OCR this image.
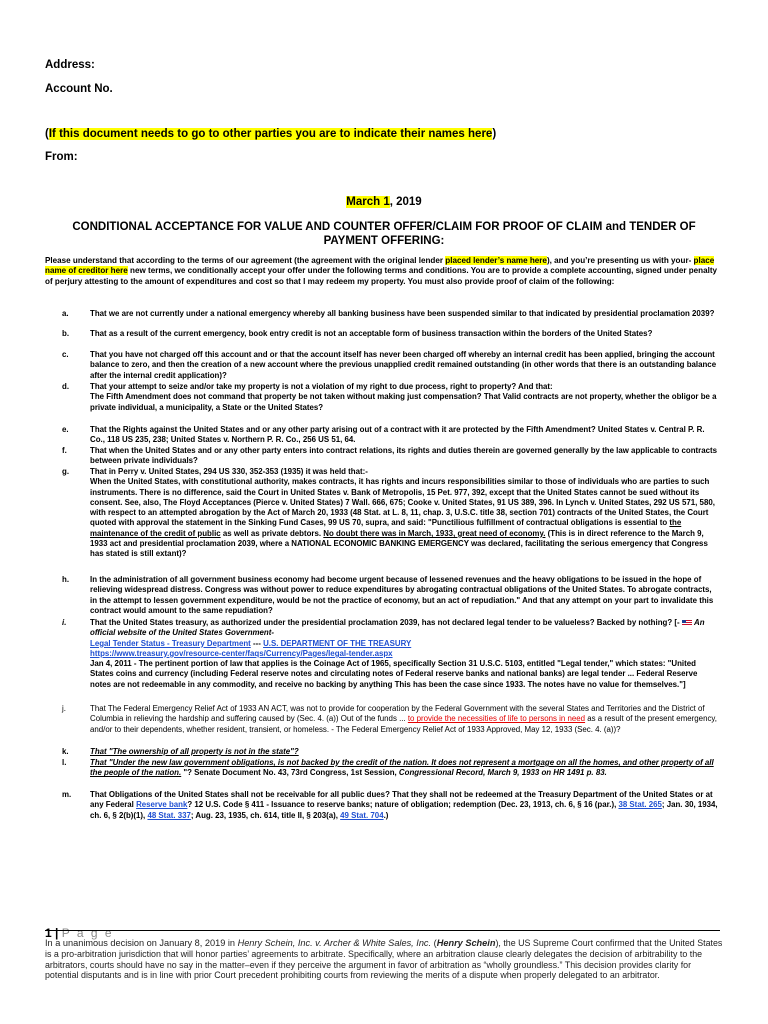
Address:
Account No.
(If this document needs to go to other parties you are to indicate their names here)
From:
March 1, 2019
CONDITIONAL ACCEPTANCE FOR VALUE AND COUNTER OFFER/CLAIM FOR PROOF OF CLAIM and TENDER OF PAYMENT OFFERING:
Please understand that according to the terms of our agreement (the agreement with the original lender placed lender’s name here), and you’re presenting us with your- place name of creditor here new terms, we conditionally accept your offer under the following terms and conditions. You are to provide a complete accounting, signed under penalty of perjury attesting to the amount of expenditures and cost so that I may redeem my property. You must also provide proof of claim of the following:
a.	That we are not currently under a national emergency whereby all banking business have been suspended similar to that indicated by presidential proclamation 2039?
b.	That as a result of the current emergency, book entry credit is not an acceptable form of business transaction within the borders of the United States?
c.	That you have not charged off this account and or that the account itself has never been charged off whereby an internal credit has been applied, bringing the account balance to zero, and then the creation of a new account where the previous unapplied credit remained outstanding (in other words that there is an outstanding balance after the internal credit application)?
d.	That your attempt to seize and/or take my property is not a violation of my right to due process, right to property? And that:
The Fifth Amendment does not command that property be not taken without making just compensation? That Valid contracts are not property, whether the obligor be a private individual, a municipality, a State or the United States?
e.	That the Rights against the United States and or any other party arising out of a contract with it are protected by the Fifth Amendment? United States v. Central P. R. Co., 118 US 235, 238; United States v. Northern P. R. Co., 256 US 51, 64.
f.	That when the United States and or any other party enters into contract relations, its rights and duties therein are governed generally by the law applicable to contracts between private individuals?
g.	That in Perry v. United States, 294 US 330, 352-353 (1935) it was held that:-
When the United States, with constitutional authority, makes contracts, it has rights and incurs responsibilities similar to those of individuals who are parties to such instruments. There is no difference, said the Court in United States v. Bank of Metropolis, 15 Pet. 977, 392, except that the United States cannot be sued without its consent. See, also, The Floyd Acceptances (Pierce v. United States) 7 Wall. 666, 675; Cooke v. United States, 91 US 389, 396. In Lynch v. United States, 292 US 571, 580, with respect to an attempted abrogation by the Act of March 20, 1933 (48 Stat. at L. 8, 11, chap. 3, U.S.C. title 38, section 701) contracts of the United States, the Court quoted with approval the statement in the Sinking Fund Cases, 99 US 70, supra, and said: "Punctilious fulfillment of contractual obligations is essential to the maintenance of the credit of public as well as private debtors. No doubt there was in March, 1933, great need of economy. (This is in direct reference to the March 9, 1933 act and presidential proclamation 2039, where a NATIONAL ECONOMIC BANKING EMERGENCY was declared, facilitating the serious emergency that Congress has stated is still extant)?
h.	In the administration of all government business economy had become urgent because of lessened revenues and the heavy obligations to be issued in the hope of relieving widespread distress. Congress was without power to reduce expenditures by abrogating contractual obligations of the United States. To abrogate contracts, in the attempt to lessen government expenditure, would be not the practice of economy, but an act of repudiation." And that any attempt on your part to invalidate this contract would amount to the same repudiation?
i.	That the United States treasury, as authorized under the presidential proclamation 2039, has not declared legal tender to be valueless? Backed by nothing? [-  An official website of the United States Government-
Legal Tender Status - Treasury Department --- U.S. DEPARTMENT OF THE TREASURY
https://www.treasury.gov/resource-center/faqs/Currency/Pages/legal-tender.aspx
Jan 4, 2011 - The pertinent portion of law that applies is the Coinage Act of 1965, specifically Section 31 U.S.C. 5103, entitled "Legal tender," which states: "United States coins and currency (including Federal reserve notes and circulating notes of Federal reserve banks and national banks) are legal tender ... Federal Reserve notes are not redeemable in any commodity, and receive no backing by anything This has been the case since 1933. The notes have no value for themselves."]
j.	That The Federal Emergency Relief Act of 1933 AN ACT, was not to provide for cooperation by the Federal Government with the several States and Territories and the District of Columbia in relieving the hardship and suffering caused by (Sec. 4. (a)) Out of the funds ... to provide the necessities of life to persons in need as a result of the present emergency, and/or to their dependents, whether resident, transient, or homeless. - The Federal Emergency Relief Act of 1933 Approved, May 12, 1933 (Sec. 4. (a))?
k.	That "The ownership of all property is not in the state"?
l.	That "Under the new law government obligations, is not backed by the credit of the nation. It does not represent a mortgage on all the homes, and other property of all the people of the nation. "? Senate Document No. 43, 73rd Congress, 1st Session, Congressional Record, March 9, 1933 on HR 1491 p. 83.
m. That Obligations of the United States shall not be receivable for all public dues? That they shall not be redeemed at the Treasury Department of the United States or at any Federal Reserve bank? 12 U.S. Code § 411 - Issuance to reserve banks; nature of obligation; redemption (Dec. 23, 1913, ch. 6, § 16 (par.), 38 Stat. 265; Jan. 30, 1934, ch. 6, § 2(b)(1), 48 Stat. 337; Aug. 23, 1935, ch. 614, title II, § 203(a), 49 Stat. 704.)
1 | P a g e
In a unanimous decision on January 8, 2019 in Henry Schein, Inc. v. Archer & White Sales, Inc. (Henry Schein), the US Supreme Court confirmed that the United States is a pro-arbitration jurisdiction that will honor parties’ agreements to arbitrate. Specifically, where an arbitration clause clearly delegates the decision of arbitrability to the arbitrators, courts should have no say in the matter–even if they perceive the argument in favor of arbitration as “wholly groundless.” This decision provides clarity for potential disputants and is in line with prior Court precedent prohibiting courts from reviewing the merits of a dispute when properly delegated to an arbitrator.
